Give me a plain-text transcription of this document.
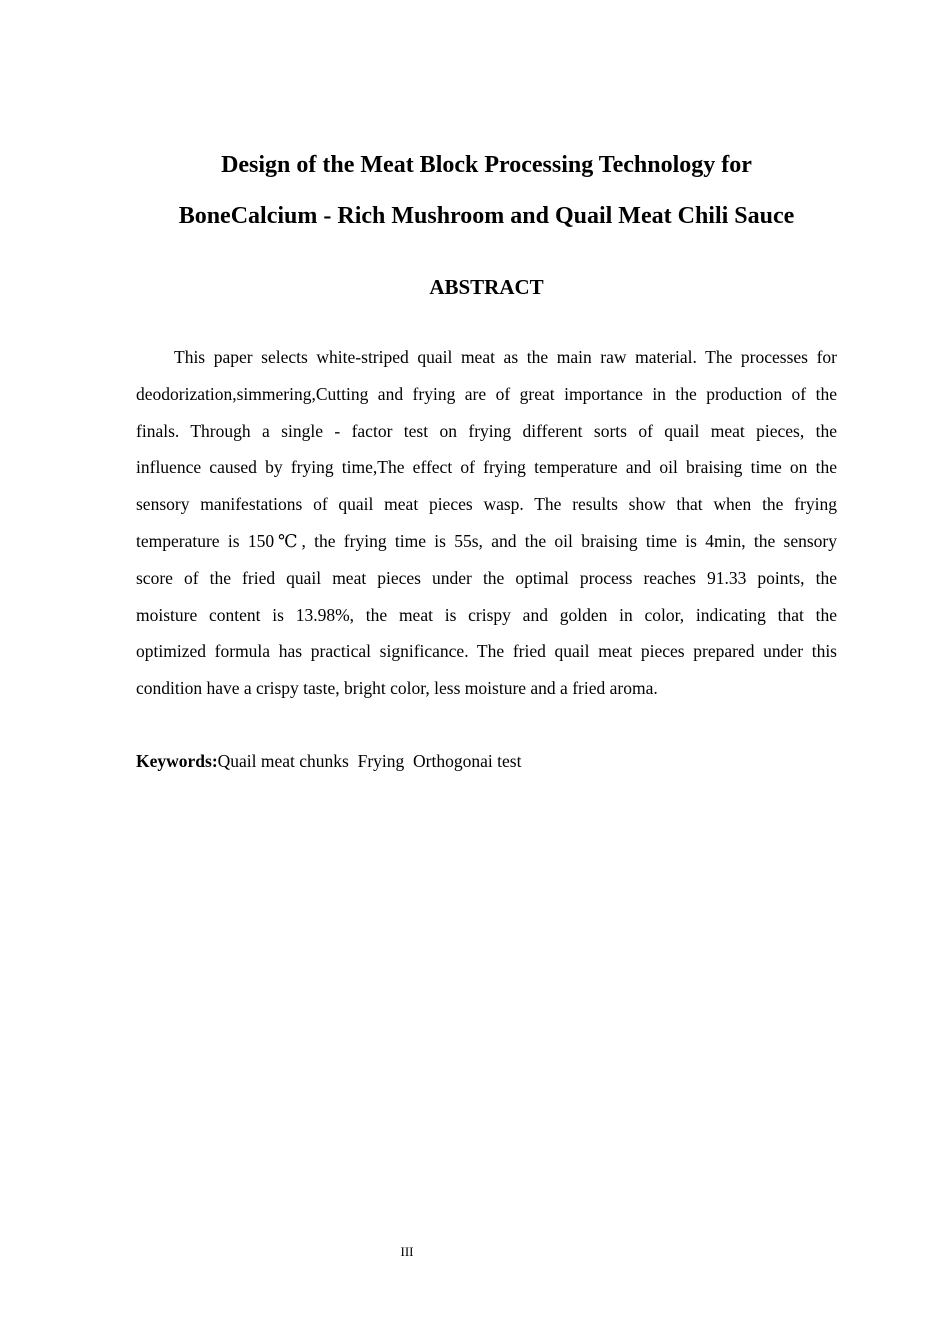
Design of the Meat Block Processing Technology for
BoneCalcium - Rich Mushroom and Quail Meat Chili Sauce
ABSTRACT
This paper selects white-striped quail meat as the main raw material. The processes for
deodorization,simmering,Cutting and frying are of great importance in the production of the
finals. Through a single - factor test on frying different sorts of quail meat pieces, the
influence caused by frying time,The effect of frying temperature and oil braising time on the
sensory manifestations of quail meat pieces wasp. The results show that when the frying
temperature is 150℃, the frying time is 55s, and the oil braising time is 4min, the sensory
score of the fried quail meat pieces under the optimal process reaches 91.33 points, the
moisture content is 13.98%, the meat is crispy and golden in color, indicating that the
optimized formula has practical significance. The fried quail meat pieces prepared under this
condition have a crispy taste, bright color, less moisture and a fried aroma.
Keywords:Quail meat chunks  Frying  Orthogonai test
III
